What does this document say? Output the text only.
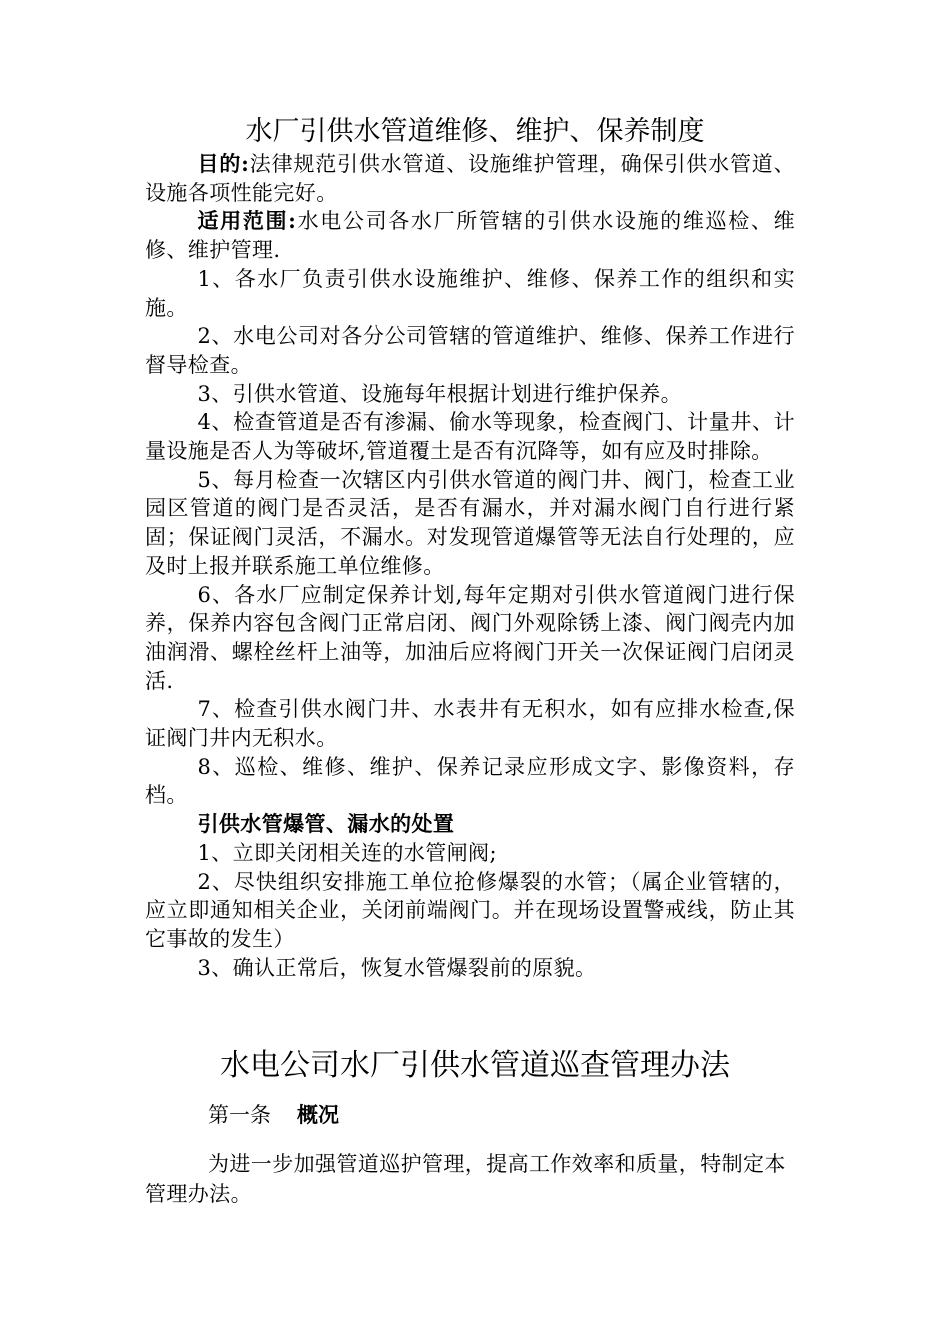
水厂引供水管道维修、维护、保养制度

目的:法律规范引供水管道、设施维护管理，确保引供水管道、设施各项性能完好。

适用范围:水电公司各水厂所管辖的引供水设施的维巡检、维修、维护管理.

1、各水厂负责引供水设施维护、维修、保养工作的组织和实施。

2、水电公司对各分公司管辖的管道维护、维修、保养工作进行督导检查。

3、引供水管道、设施每年根据计划进行维护保养。

4、检查管道是否有渗漏、偷水等现象，检查阀门、计量井、计量设施是否人为等破坏,管道覆土是否有沉降等，如有应及时排除。

5、每月检查一次辖区内引供水管道的阀门井、阀门，检查工业园区管道的阀门是否灵活，是否有漏水，并对漏水阀门自行进行紧固；保证阀门灵活，不漏水。对发现管道爆管等无法自行处理的，应及时上报并联系施工单位维修。

6、各水厂应制定保养计划,每年定期对引供水管道阀门进行保养，保养内容包含阀门正常启闭、阀门外观除锈上漆、阀门阀壳内加油润滑、螺栓丝杆上油等，加油后应将阀门开关一次保证阀门启闭灵活.

7、检查引供水阀门井、水表井有无积水，如有应排水检查,保证阀门井内无积水。

8、巡检、维修、维护、保养记录应形成文字、影像资料，存档。

引供水管爆管、漏水的处置

1、立即关闭相关连的水管闸阀;

2、尽快组织安排施工单位抢修爆裂的水管；（属企业管辖的，应立即通知相关企业，关闭前端阀门。并在现场设置警戒线，防止其它事故的发生）

3、确认正常后，恢复水管爆裂前的原貌。

水电公司水厂引供水管道巡查管理办法
第一条 概况

为进一步加强管道巡护管理，提高工作效率和质量，特制定本管理办法。
